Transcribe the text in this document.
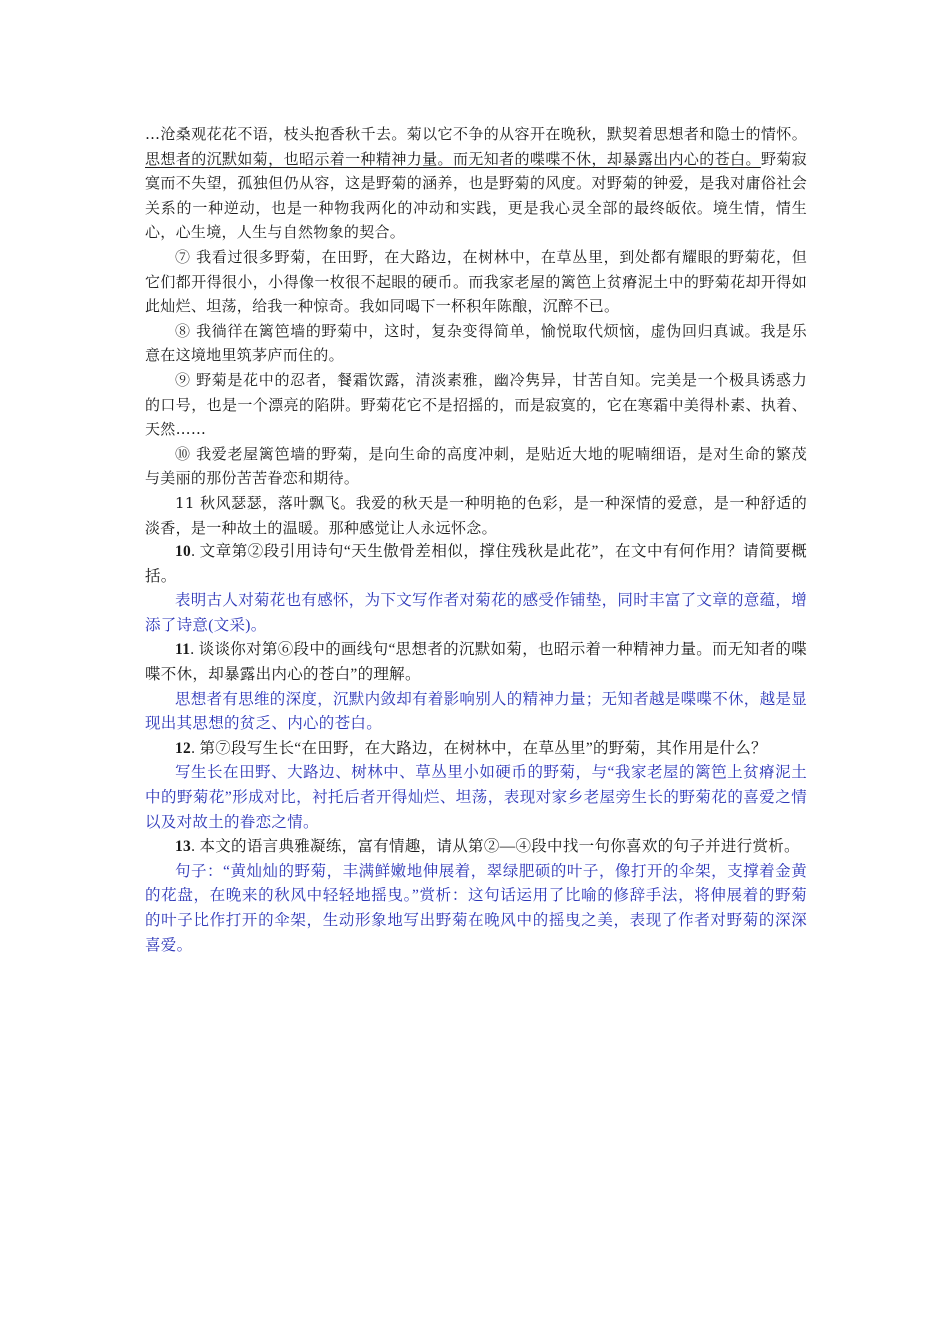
…沧桑观花花不语，枝头抱香秋千去。菊以它不争的从容开在晚秋，默契着思想者和隐士的情怀。思想者的沉默如菊，也昭示着一种精神力量。而无知者的喋喋不休，却暴露出内心的苍白。野菊寂寞而不失望，孤独但仍从容，这是野菊的涵养，也是野菊的风度。对野菊的钟爱，是我对庸俗社会关系的一种逆动，也是一种物我两化的冲动和实践，更是我心灵全部的最终皈依。境生情，情生心，心生境，人生与自然物象的契合。

⑦ 我看过很多野菊，在田野，在大路边，在树林中，在草丛里，到处都有耀眼的野菊花，但它们都开得很小，小得像一枚很不起眼的硬币。而我家老屋的篱笆上贫瘠泥土中的野菊花却开得如此灿烂、坦荡，给我一种惊奇。我如同喝下一杯积年陈酿，沉醉不已。

⑧ 我徜徉在篱笆墙的野菊中，这时，复杂变得简单，愉悦取代烦恼，虚伪回归真诚。我是乐意在这境地里筑茅庐而住的。

⑨ 野菊是花中的忍者，餐霜饮露，清淡素雅，幽冷隽异，甘苦自知。完美是一个极具诱惑力的口号，也是一个漂亮的陷阱。野菊花它不是招摇的，而是寂寞的，它在寒霜中美得朴素、执着、天然……

⑩ 我爱老屋篱笆墙的野菊，是向生命的高度冲刺，是贴近大地的呢喃细语，是对生命的繁茂与美丽的那份苦苦眷恋和期待。

11 秋风瑟瑟，落叶飘飞。我爱的秋天是一种明艳的色彩，是一种深情的爱意，是一种舒适的淡香，是一种故土的温暖。那种感觉让人永远怀念。

10. 文章第②段引用诗句“天生傲骨差相似，撑住残秋是此花”，在文中有何作用？请简要概括。

表明古人对菊花也有感怀，为下文写作者对菊花的感受作铺垫，同时丰富了文章的意蕴，增添了诗意(文采)。

11. 谈谈你对第⑥段中的画线句“思想者的沉默如菊，也昭示着一种精神力量。而无知者的喋喋不休，却暴露出内心的苍白”的理解。

思想者有思维的深度，沉默内敛却有着影响别人的精神力量；无知者越是喋喋不休，越是显现出其思想的贫乏、内心的苍白。

12. 第⑦段写生长“在田野，在大路边，在树林中，在草丛里”的野菊，其作用是什么？

写生长在田野、大路边、树林中、草丛里小如硬币的野菊，与“我家老屋的篱笆上贫瘠泥土中的野菊花”形成对比，衬托后者开得灿烂、坦荡，表现对家乡老屋旁生长的野菊花的喜爱之情以及对故土的眷恋之情。

13. 本文的语言典雅凝练，富有情趣，请从第②—④段中找一句你喜欢的句子并进行赏析。

句子：“黄灿灿的野菊，丰满鲜嫩地伸展着，翠绿肥硕的叶子，像打开的伞架，支撑着金黄的花盘，在晚来的秋风中轻轻地摇曳。”赏析：这句话运用了比喻的修辞手法，将伸展着的野菊的叶子比作打开的伞架，生动形象地写出野菊在晚风中的摇曳之美，表现了作者对野菊的深深喜爱。
